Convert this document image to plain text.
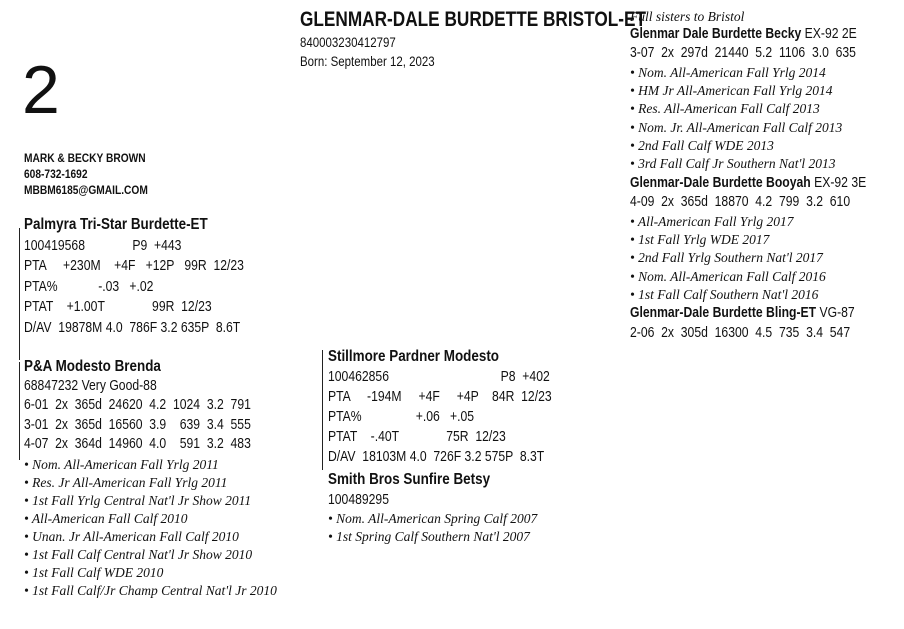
2
GLENMAR-DALE BURDETTE BRISTOL-ET
840003230412797
Born: September 12, 2023
MARK & BECKY BROWN
608-732-1692
MBBM6185@GMAIL.COM
Palmyra Tri-Star Burdette-ET
100419568              P9  +443
PTA     +230M    +4F   +12P   99R  12/23
PTA%            -.03   +.02
PTAT    +1.00T              99R  12/23
D/AV  19878M 4.0  786F 3.2 635P  8.6T
P&A Modesto Brenda
68847232 Very Good-88
6-01  2x  365d  24620  4.2  1024  3.2  791
3-01  2x  365d  16560  3.9    639  3.4  555
4-07  2x  364d  14960  4.0    591  3.2  483
• Nom. All-American Fall Yrlg 2011
• Res. Jr All-American Fall Yrlg 2011
• 1st Fall Yrlg Central Nat'l Jr Show 2011
• All-American Fall Calf 2010
• Unan. Jr All-American Fall Calf 2010
• 1st Fall Calf Central Nat'l Jr Show 2010
• 1st Fall Calf WDE 2010
• 1st Fall Calf/Jr Champ Central Nat'l Jr 2010
Stillmore Pardner Modesto
100462856                                 P8  +402
PTA     -194M     +4F     +4P    84R  12/23
PTA%                +.06   +.05
PTAT    -.40T              75R  12/23
D/AV  18103M 4.0  726F 3.2 575P  8.3T
Smith Bros Sunfire Betsy
100489295
• Nom. All-American Spring Calf 2007
• 1st Spring Calf Southern Nat'l 2007
Full sisters to Bristol
Glenmar Dale Burdette Becky EX-92 2E
3-07  2x  297d  21440  5.2  1106  3.0  635
• Nom. All-American Fall Yrlg 2014
• HM Jr All-American Fall Yrlg 2014
• Res. All-American Fall Calf 2013
• Nom. Jr. All-American Fall Calf 2013
• 2nd Fall Calf WDE 2013
• 3rd Fall Calf Jr Southern Nat'l 2013
Glenmar-Dale Burdette Booyah EX-92 3E
4-09  2x  365d  18870  4.2  799  3.2  610
• All-American Fall Yrlg 2017
• 1st Fall Yrlg WDE 2017
• 2nd Fall Yrlg Southern Nat'l 2017
• Nom. All-American Fall Calf 2016
• 1st Fall Calf Southern Nat'l 2016
Glenmar-Dale Burdette Bling-ET VG-87
2-06  2x  305d  16300  4.5  735  3.4  547
